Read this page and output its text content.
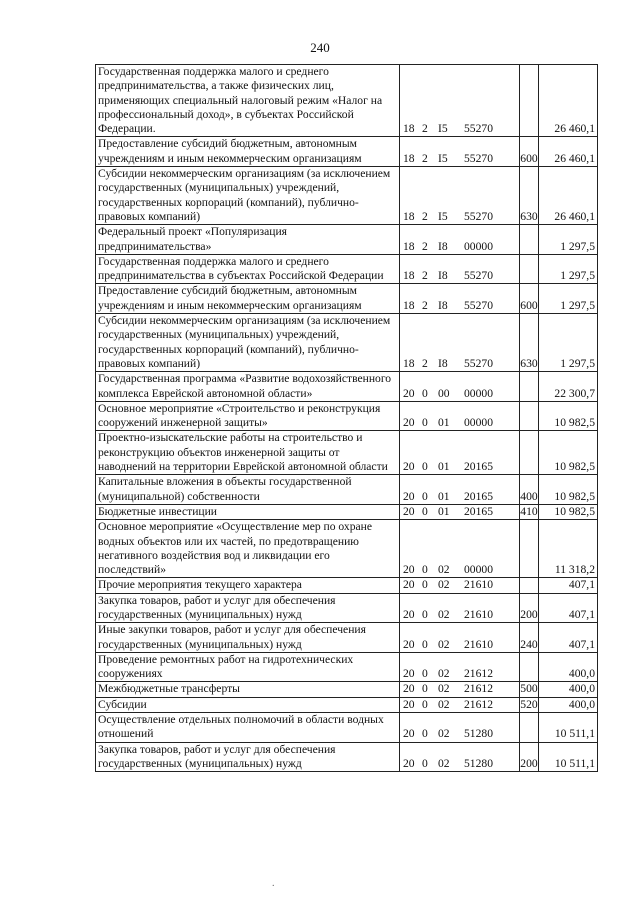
240
Государственная поддержка малого и среднего предпринимательства, а также физических лиц, применяющих специальный налоговый режим «Налог на профессиональный доход», в субъектах Российской Федерации.	18 2 I5 55270		26 460,1
Предоставление субсидий бюджетным, автономным учреждениям и иным некоммерческим организациям	18 2 I5 55270	600	26 460,1
Субсидии некоммерческим организациям (за исключением государственных (муниципальных) учреждений, государственных корпораций (компаний), публично-правовых компаний)	18 2 I5 55270	630	26 460,1
Федеральный проект «Популяризация предпринимательства»	18 2 I8 00000		1 297,5
Государственная поддержка малого и среднего предпринимательства в субъектах Российской Федерации	18 2 I8 55270		1 297,5
Предоставление субсидий бюджетным, автономным учреждениям и иным некоммерческим организациям	18 2 I8 55270	600	1 297,5
Субсидии некоммерческим организациям (за исключением государственных (муниципальных) учреждений, государственных корпораций (компаний), публично-правовых компаний)	18 2 I8 55270	630	1 297,5
Государственная программа «Развитие водохозяйственного комплекса Еврейской автономной области»	20 0 00 00000		22 300,7
Основное мероприятие «Строительство и реконструкция сооружений инженерной защиты»	20 0 01 00000		10 982,5
Проектно-изыскательские работы на строительство и реконструкцию объектов инженерной защиты от наводнений на территории Еврейской автономной области	20 0 01 20165		10 982,5
Капитальные вложения в объекты государственной (муниципальной) собственности	20 0 01 20165	400	10 982,5
Бюджетные инвестиции	20 0 01 20165	410	10 982,5
Основное мероприятие «Осуществление мер по охране водных объектов или их частей, по предотвращению негативного воздействия вод и ликвидации его последствий»	20 0 02 00000		11 318,2
Прочие мероприятия текущего характера	20 0 02 21610		407,1
Закупка товаров, работ и услуг для обеспечения государственных (муниципальных) нужд	20 0 02 21610	200	407,1
Иные закупки товаров, работ и услуг для обеспечения государственных (муниципальных) нужд	20 0 02 21610	240	407,1
Проведение ремонтных работ на гидротехнических сооружениях	20 0 02 21612		400,0
Межбюджетные трансферты	20 0 02 21612	500	400,0
Субсидии	20 0 02 21612	520	400,0
Осуществление отдельных полномочий в области водных отношений	20 0 02 51280		10 511,1
Закупка товаров, работ и услуг для обеспечения государственных (муниципальных) нужд	20 0 02 51280	200	10 511,1
.
